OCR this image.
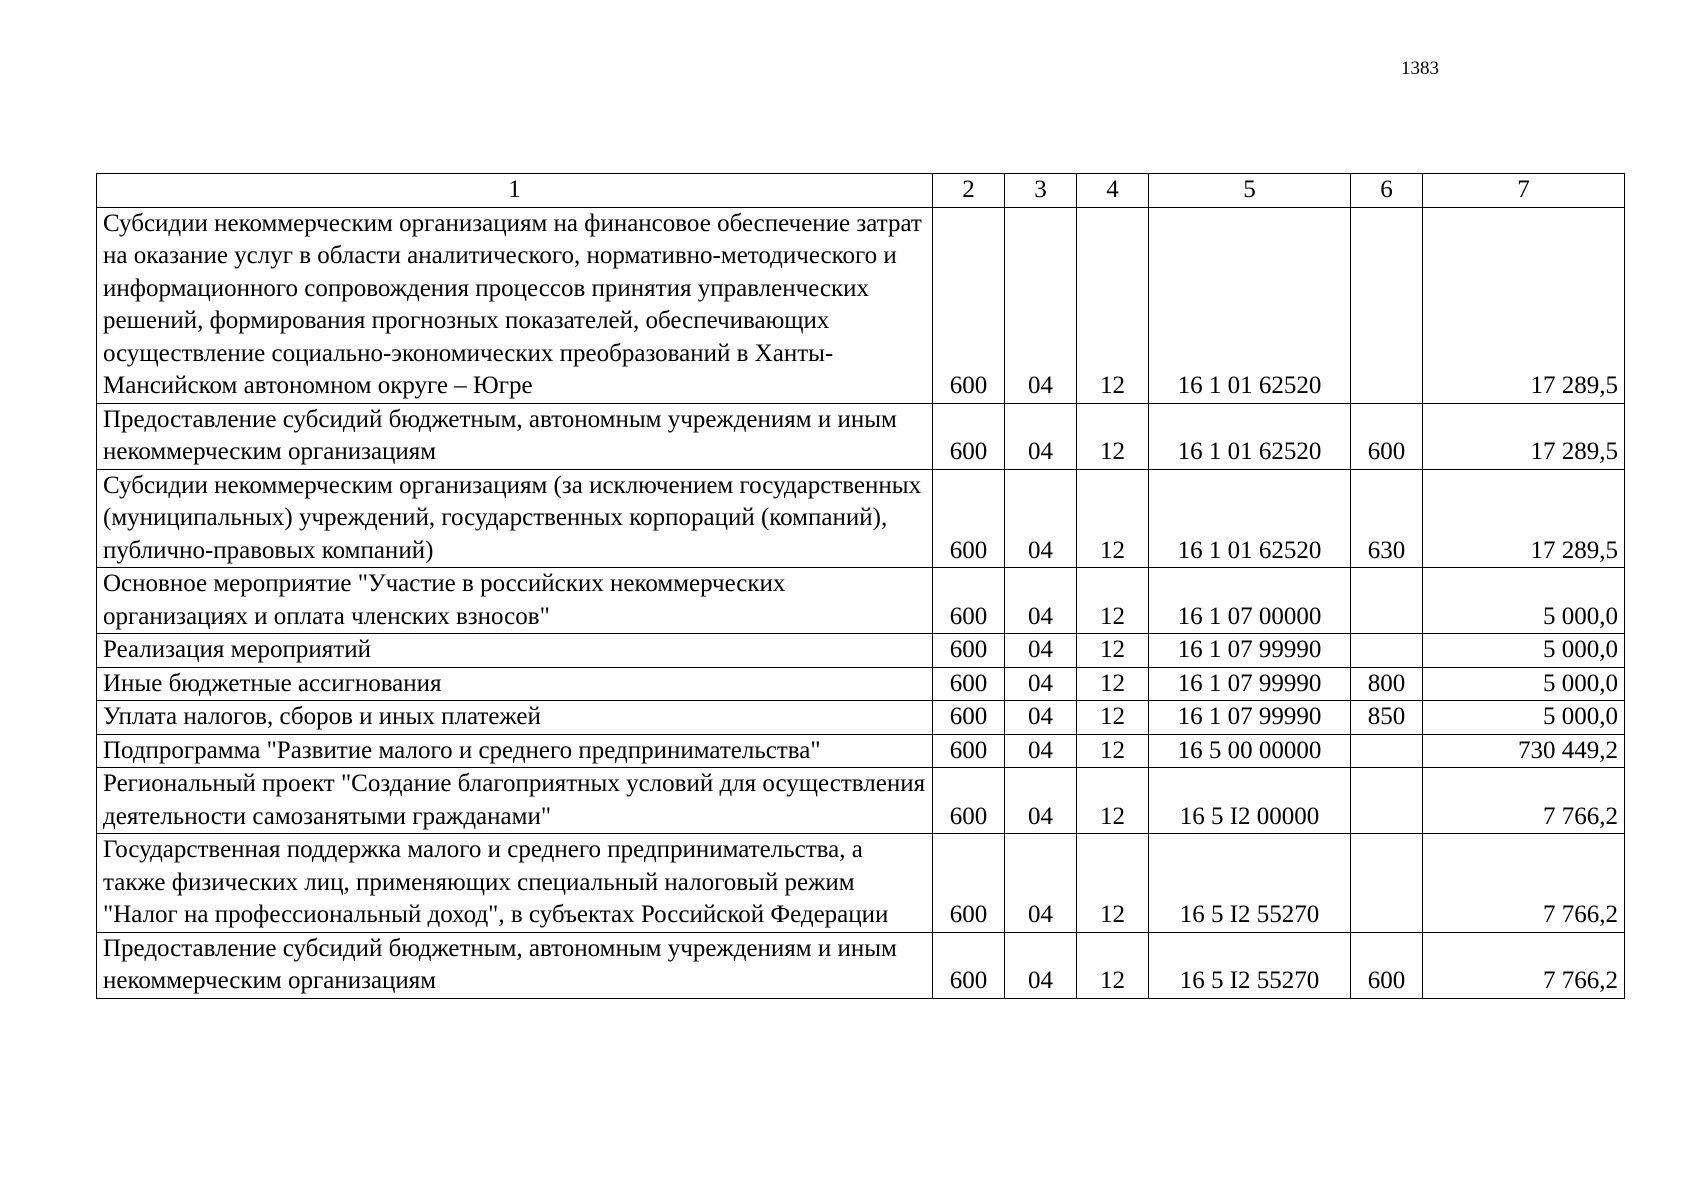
1383
1	2	3	4	5	6	7
Субсидии некоммерческим организациям на финансовое обеспечение затрат на оказание услуг в области аналитического, нормативно-методического и информационного сопровождения процессов принятия управленческих решений, формирования прогнозных показателей, обеспечивающих осуществление социально-экономических преобразований в Ханты-Мансийском автономном округе – Югре	600	04	12	16 1 01 62520		17 289,5
Предоставление субсидий бюджетным, автономным учреждениям и иным некоммерческим организациям	600	04	12	16 1 01 62520	600	17 289,5
Субсидии некоммерческим организациям (за исключением государственных (муниципальных) учреждений, государственных корпораций (компаний), публично-правовых компаний)	600	04	12	16 1 01 62520	630	17 289,5
Основное мероприятие "Участие в российских некоммерческих организациях и оплата членских взносов"	600	04	12	16 1 07 00000		5 000,0
Реализация мероприятий	600	04	12	16 1 07 99990		5 000,0
Иные бюджетные ассигнования	600	04	12	16 1 07 99990	800	5 000,0
Уплата налогов, сборов и иных платежей	600	04	12	16 1 07 99990	850	5 000,0
Подпрограмма "Развитие малого и среднего предпринимательства"	600	04	12	16 5 00 00000		730 449,2
Региональный проект "Создание благоприятных условий для осуществления деятельности самозанятыми гражданами"	600	04	12	16 5 I2 00000		7 766,2
Государственная поддержка малого и среднего предпринимательства, а также физических лиц, применяющих специальный налоговый режим "Налог на профессиональный доход", в субъектах Российской Федерации	600	04	12	16 5 I2 55270		7 766,2
Предоставление субсидий бюджетным, автономным учреждениям и иным некоммерческим организациям	600	04	12	16 5 I2 55270	600	7 766,2
